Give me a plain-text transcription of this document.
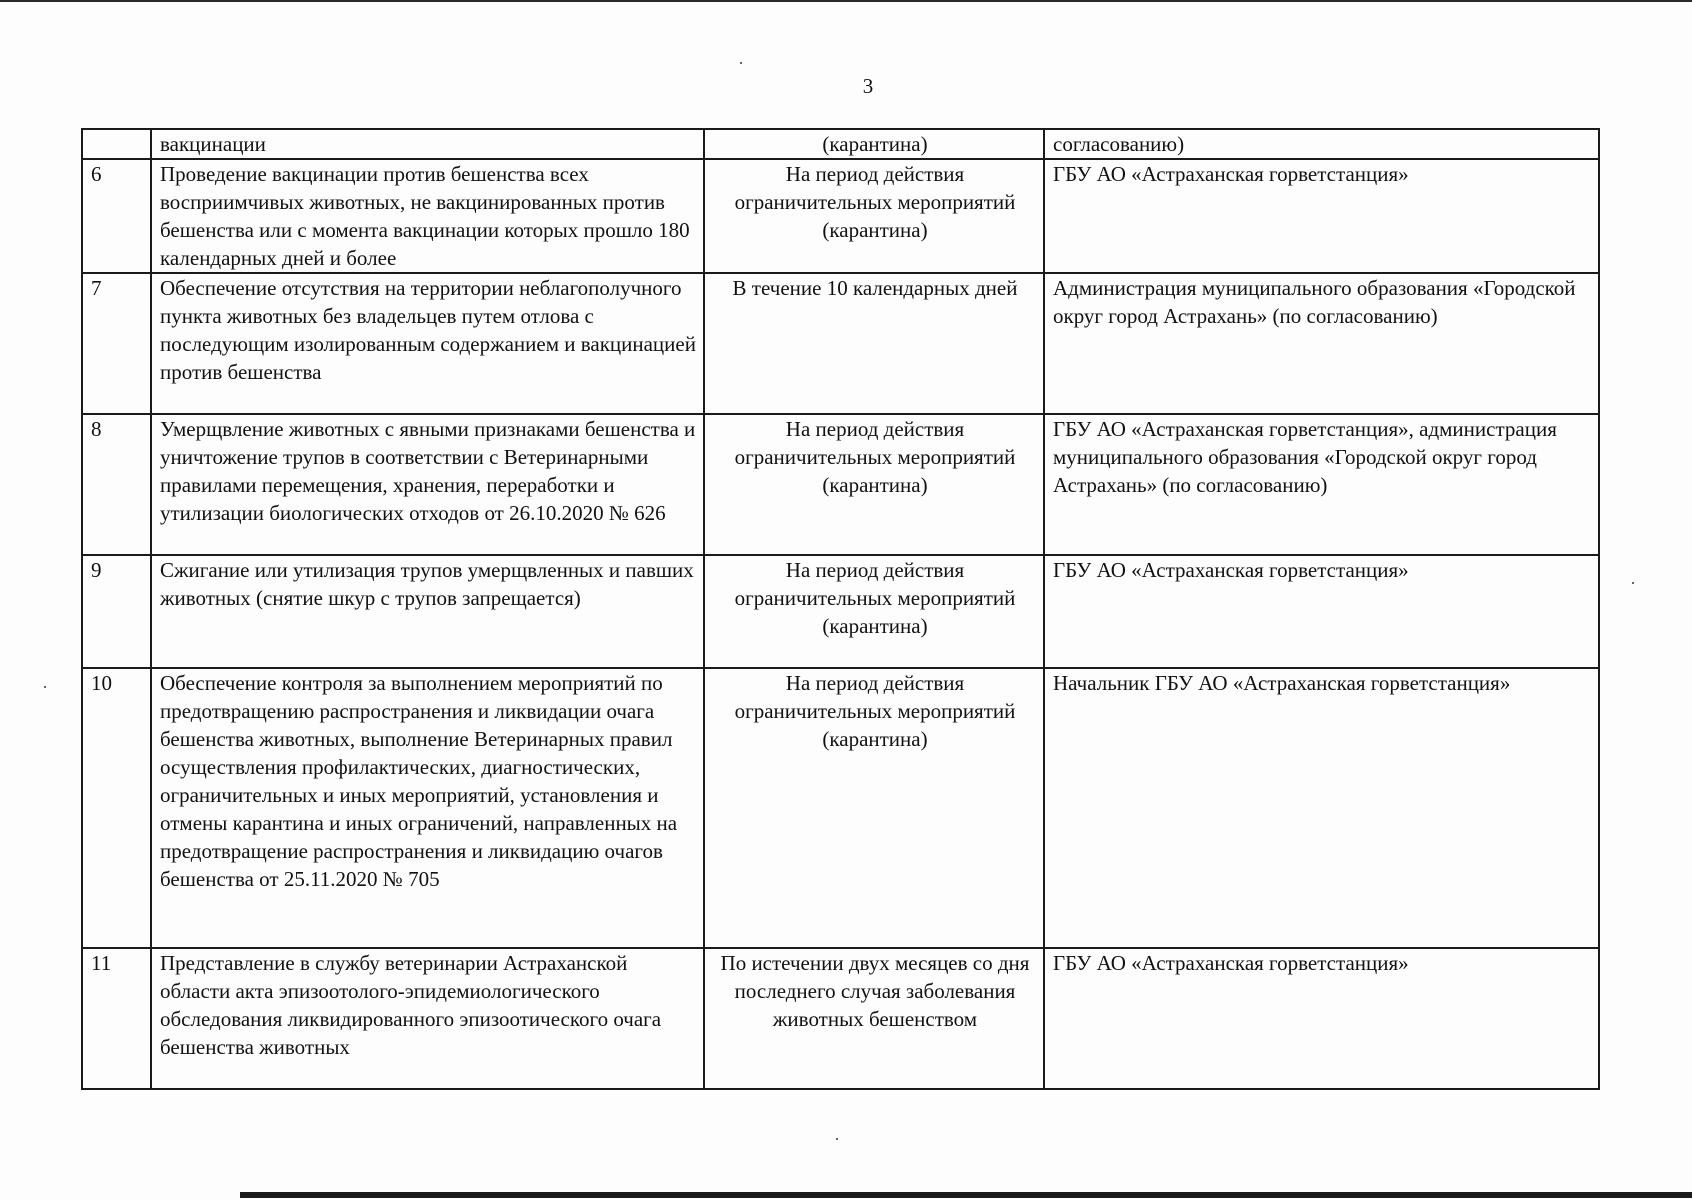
3
	вакцинации	(карантина)	согласованию)
6	Проведение вакцинации против бешенства всех восприимчивых животных, не вакцинированных против бешенства или с момента вакцинации которых прошло 180 календарных дней и более	На период действия ограничительных мероприятий (карантина)	ГБУ АО «Астраханская горветстанция»
7	Обеспечение отсутствия на территории неблагополучного пункта животных без владельцев путем отлова с последующим изолированным содержанием и вакцинацией против бешенства	В течение 10 календарных дней	Администрация муниципального образования «Городской округ город Астрахань» (по согласованию)
8	Умерщвление животных с явными признаками бешенства и уничтожение трупов в соответствии с Ветеринарными правилами перемещения, хранения, переработки и утилизации биологических отходов от 26.10.2020 № 626	На период действия ограничительных мероприятий (карантина)	ГБУ АО «Астраханская горветстанция», администрация муниципального образования «Городской округ город Астрахань» (по согласованию)
9	Сжигание или утилизация трупов умерщвленных и павших животных (снятие шкур с трупов запрещается)	На период действия ограничительных мероприятий (карантина)	ГБУ АО «Астраханская горветстанция»
10	Обеспечение контроля за выполнением мероприятий по предотвращению распространения и ликвидации очага бешенства животных, выполнение Ветеринарных правил осуществления профилактических, диагностических, ограничительных и иных мероприятий, установления и отмены карантина и иных ограничений, направленных на предотвращение распространения и ликвидацию очагов бешенства от 25.11.2020 № 705	На период действия ограничительных мероприятий (карантина)	Начальник ГБУ АО «Астраханская горветстанция»
11	Представление в службу ветеринарии Астраханской области акта эпизоотолого-эпидемиологического обследования ликвидированного эпизоотического очага бешенства животных	По истечении двух месяцев со дня последнего случая заболевания животных бешенством	ГБУ АО «Астраханская горветстанция»
